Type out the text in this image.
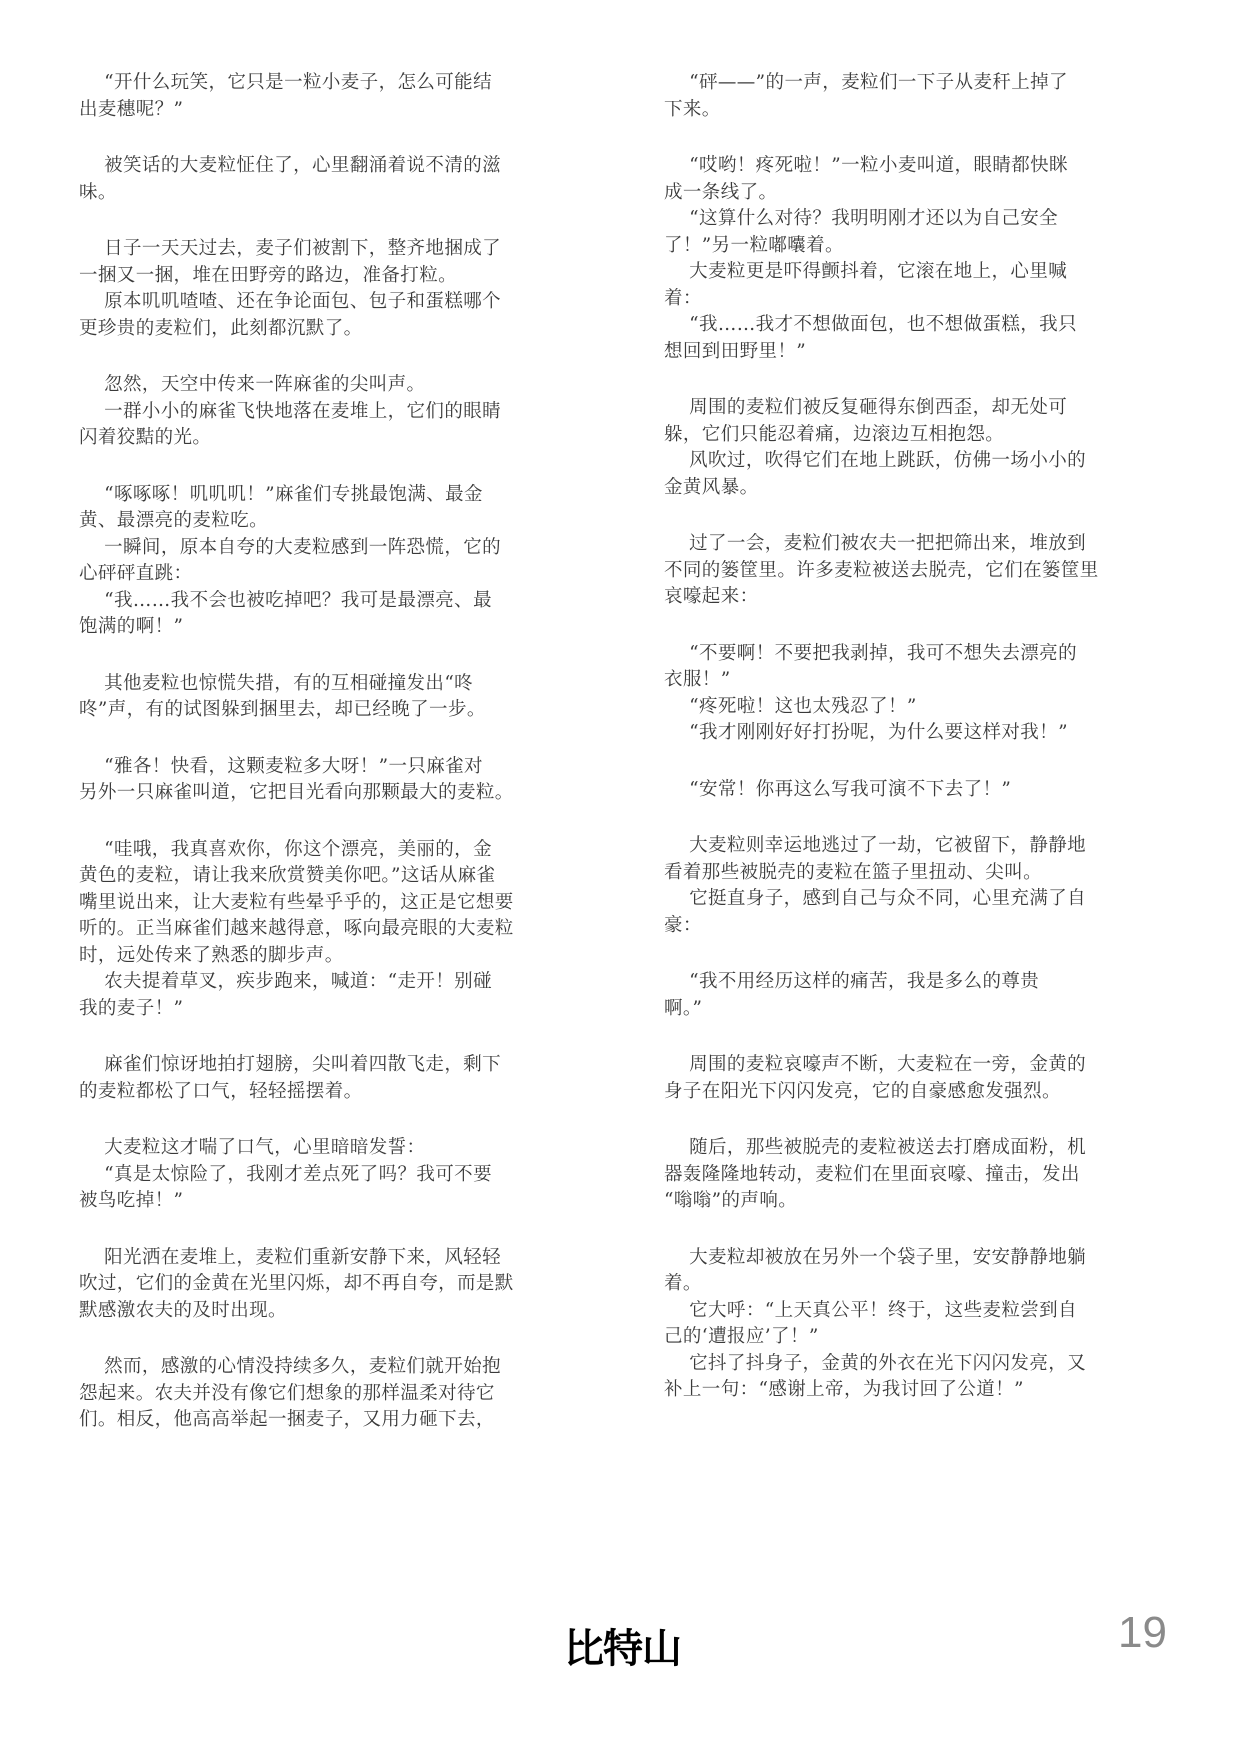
“开什么玩笑，它只是一粒小麦子，怎么可能结
出麦穗呢？”
被笑话的大麦粒怔住了，心里翻涌着说不清的滋
味。
日子一天天过去，麦子们被割下，整齐地捆成了
一捆又一捆，堆在田野旁的路边，准备打粒。
原本叽叽喳喳、还在争论面包、包子和蛋糕哪个
更珍贵的麦粒们，此刻都沉默了。
忽然，天空中传来一阵麻雀的尖叫声。
一群小小的麻雀飞快地落在麦堆上，它们的眼睛
闪着狡黠的光。
“啄啄啄！叽叽叽！”麻雀们专挑最饱满、最金
黄、最漂亮的麦粒吃。
一瞬间，原本自夸的大麦粒感到一阵恐慌，它的
心砰砰直跳：
“我……我不会也被吃掉吧？我可是最漂亮、最
饱满的啊！”
其他麦粒也惊慌失措，有的互相碰撞发出“咚
咚”声，有的试图躲到捆里去，却已经晚了一步。
“雅各！快看，这颗麦粒多大呀！”一只麻雀对
另外一只麻雀叫道，它把目光看向那颗最大的麦粒。
“哇哦，我真喜欢你，你这个漂亮，美丽的，金
黄色的麦粒，请让我来欣赏赞美你吧。”这话从麻雀
嘴里说出来，让大麦粒有些晕乎乎的，这正是它想要
听的。正当麻雀们越来越得意，啄向最亮眼的大麦粒
时，远处传来了熟悉的脚步声。
农夫提着草叉，疾步跑来，喊道：“走开！别碰
我的麦子！”
麻雀们惊讶地拍打翅膀，尖叫着四散飞走，剩下
的麦粒都松了口气，轻轻摇摆着。
大麦粒这才喘了口气，心里暗暗发誓：
“真是太惊险了，我刚才差点死了吗？我可不要
被鸟吃掉！”
阳光洒在麦堆上，麦粒们重新安静下来，风轻轻
吹过，它们的金黄在光里闪烁，却不再自夸，而是默
默感激农夫的及时出现。
然而，感激的心情没持续多久，麦粒们就开始抱
怨起来。农夫并没有像它们想象的那样温柔对待它
们。相反，他高高举起一捆麦子，又用力砸下去，
“砰——”的一声，麦粒们一下子从麦秆上掉了
下来。
“哎哟！疼死啦！”一粒小麦叫道，眼睛都快眯
成一条线了。
“这算什么对待？我明明刚才还以为自己安全
了！”另一粒嘟囔着。
大麦粒更是吓得颤抖着，它滚在地上，心里喊
着：
“我……我才不想做面包，也不想做蛋糕，我只
想回到田野里！”
周围的麦粒们被反复砸得东倒西歪，却无处可
躲，它们只能忍着痛，边滚边互相抱怨。
风吹过，吹得它们在地上跳跃，仿佛一场小小的
金黄风暴。
过了一会，麦粒们被农夫一把把筛出来，堆放到
不同的篓筐里。许多麦粒被送去脱壳，它们在篓筐里
哀嚎起来：
“不要啊！不要把我剥掉，我可不想失去漂亮的
衣服！”
“疼死啦！这也太残忍了！”
“我才刚刚好好打扮呢，为什么要这样对我！”
“安常！你再这么写我可演不下去了！”
大麦粒则幸运地逃过了一劫，它被留下，静静地
看着那些被脱壳的麦粒在篮子里扭动、尖叫。
它挺直身子，感到自己与众不同，心里充满了自
豪：
“我不用经历这样的痛苦，我是多么的尊贵
啊。”
周围的麦粒哀嚎声不断，大麦粒在一旁，金黄的
身子在阳光下闪闪发亮，它的自豪感愈发强烈。
随后，那些被脱壳的麦粒被送去打磨成面粉，机
器轰隆隆地转动，麦粒们在里面哀嚎、撞击，发出
“嗡嗡”的声响。
大麦粒却被放在另外一个袋子里，安安静静地躺
着。
它大呼：“上天真公平！终于，这些麦粒尝到自
己的‘遭报应’了！”
它抖了抖身子，金黄的外衣在光下闪闪发亮，又
补上一句：“感谢上帝，为我讨回了公道！”
比特山	19
